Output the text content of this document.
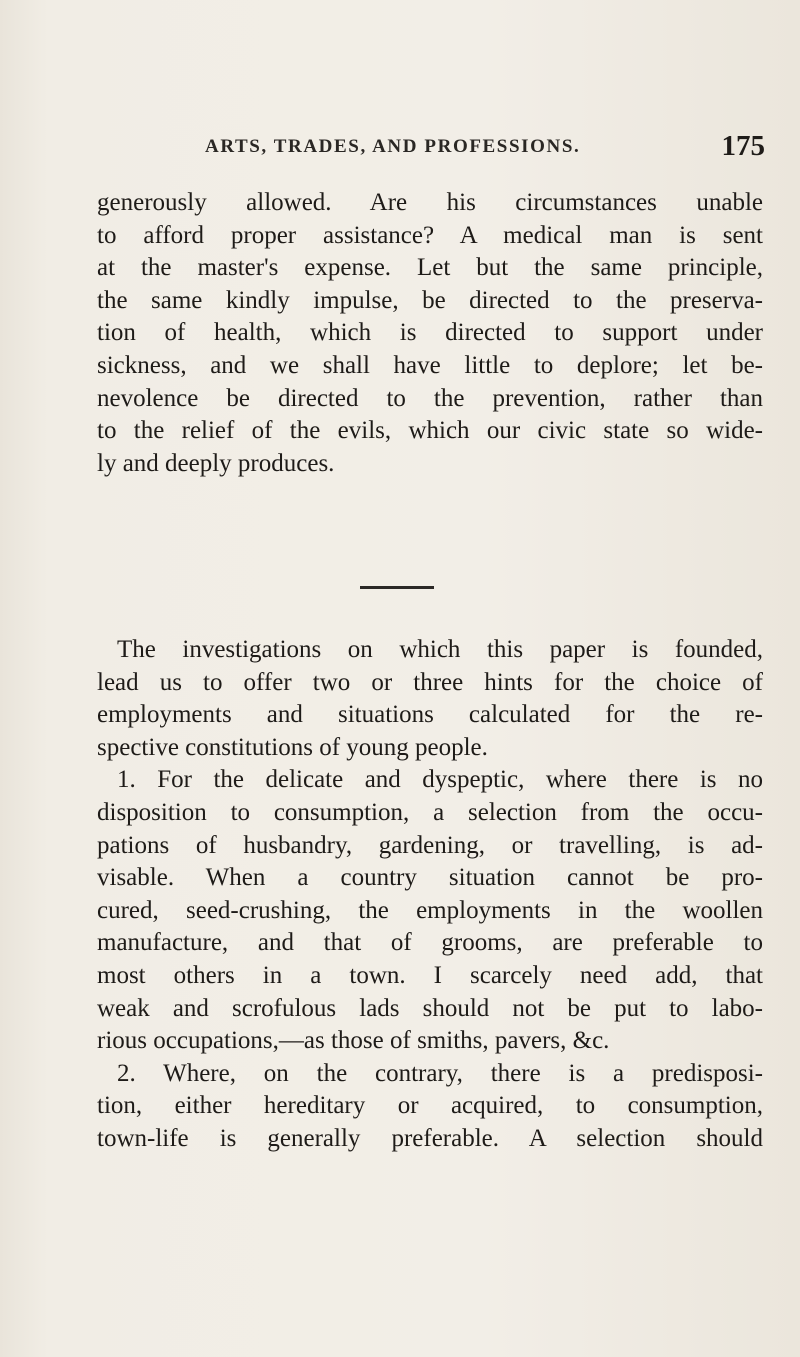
ARTS, TRADES, AND PROFESSIONS.	175
generously allowed. Are his circumstances unable
to afford proper assistance? A medical man is sent
at the master's expense. Let but the same principle,
the same kindly impulse, be directed to the preserva-
tion of health, which is directed to support under
sickness, and we shall have little to deplore; let be-
nevolence be directed to the prevention, rather than
to the relief of the evils, which our civic state so wide-
ly and deeply produces.
The investigations on which this paper is founded,
lead us to offer two or three hints for the choice of
employments and situations calculated for the re-
spective constitutions of young people.
1. For the delicate and dyspeptic, where there is no
disposition to consumption, a selection from the occu-
pations of husbandry, gardening, or travelling, is ad-
visable. When a country situation cannot be pro-
cured, seed-crushing, the employments in the woollen
manufacture, and that of grooms, are preferable to
most others in a town. I scarcely need add, that
weak and scrofulous lads should not be put to labo-
rious occupations,—as those of smiths, pavers, &c.
2. Where, on the contrary, there is a predisposi-
tion, either hereditary or acquired, to consumption,
town-life is generally preferable. A selection should
